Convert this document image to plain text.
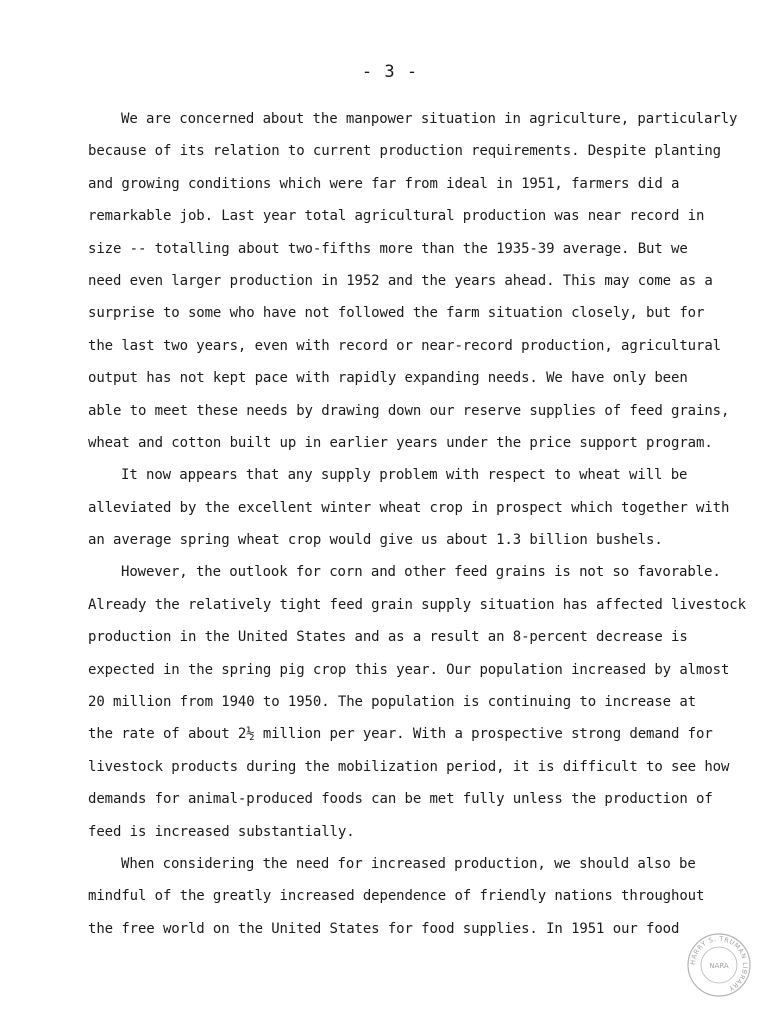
- 3 -
We are concerned about the manpower situation in agriculture, particularly
because of its relation to current production requirements. Despite planting
and growing conditions which were far from ideal in 1951, farmers did a
remarkable job. Last year total agricultural production was near record in
size -- totalling about two-fifths more than the 1935-39 average. But we
need even larger production in 1952 and the years ahead. This may come as a
surprise to some who have not followed the farm situation closely, but for
the last two years, even with record or near-record production, agricultural
output has not kept pace with rapidly expanding needs. We have only been
able to meet these needs by drawing down our reserve supplies of feed grains,
wheat and cotton built up in earlier years under the price support program.
It now appears that any supply problem with respect to wheat will be
alleviated by the excellent winter wheat crop in prospect which together with
an average spring wheat crop would give us about 1.3 billion bushels.
However, the outlook for corn and other feed grains is not so favorable.
Already the relatively tight feed grain supply situation has affected livestock
production in the United States and as a result an 8-percent decrease is
expected in the spring pig crop this year. Our population increased by almost
20 million from 1940 to 1950. The population is continuing to increase at
the rate of about 2½ million per year. With a prospective strong demand for
livestock products during the mobilization period, it is difficult to see how
demands for animal-produced foods can be met fully unless the production of
feed is increased substantially.
When considering the need for increased production, we should also be
mindful of the greatly increased dependence of friendly nations throughout
the free world on the United States for food supplies. In 1951 our food
HARRY S. TRUMAN LIBRARY
NARA
